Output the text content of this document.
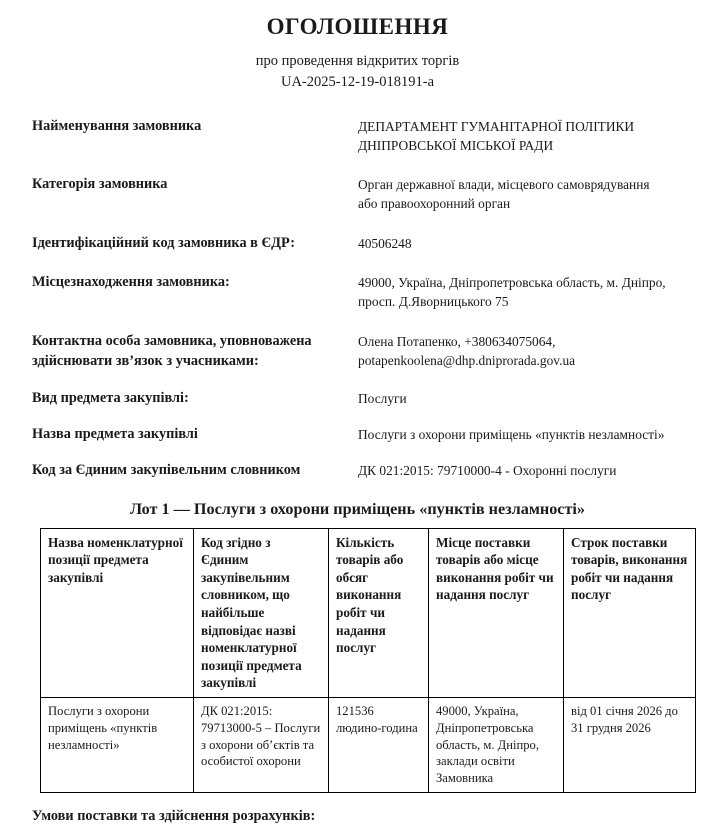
ОГОЛОШЕННЯ
про проведення відкритих торгів
UA-2025-12-19-018191-а
Найменування замовника	ДЕПАРТАМЕНТ ГУМАНІТАРНОЇ ПОЛІТИКИ
ДНІПРОВСЬКОЇ МІСЬКОЇ РАДИ
Категорія замовника	Орган державної влади, місцевого самоврядування
або правоохоронний орган
Ідентифікаційний код замовника в ЄДР:	40506248
Місцезнаходження замовника:	49000, Україна, Дніпропетровська область, м. Дніпро,
просп. Д.Яворницького 75
Контактна особа замовника, уповноважена здійснювати зв’язок з учасниками:
Олена Потапенко, +380634075064,
potapenkoolena@dhp.dniprorada.gov.ua
Вид предмета закупівлі:	Послуги
Назва предмета закупівлі	Послуги з охорони приміщень «пунктів незламності»
Код за Єдиним закупівельним словником	ДК 021:2015: 79710000-4 - Охоронні послуги
Лот 1 — Послуги з охорони приміщень «пунктів незламності»
Назва номенклатурної позиції предмета закупівлі	Код згідно з Єдиним закупівельним словником, що найбільше відповідає назві номенклатурної позиції предмета закупівлі	Кількість товарів або обсяг виконання робіт чи надання послуг	Місце поставки товарів або місце виконання робіт чи надання послуг	Строк поставки товарів, виконання робіт чи надання послуг
Послуги з охорони приміщень «пунктів незламності»	ДК 021:2015: 79713000-5 – Послуги з охорони об’єктів та особистої охорони	121536 людино-година	49000, Україна, Дніпропетровська область, м. Дніпро, заклади освіти Замовника	від 01 січня 2026 до 31 грудня 2026
Умови поставки та здійснення розрахунків:
